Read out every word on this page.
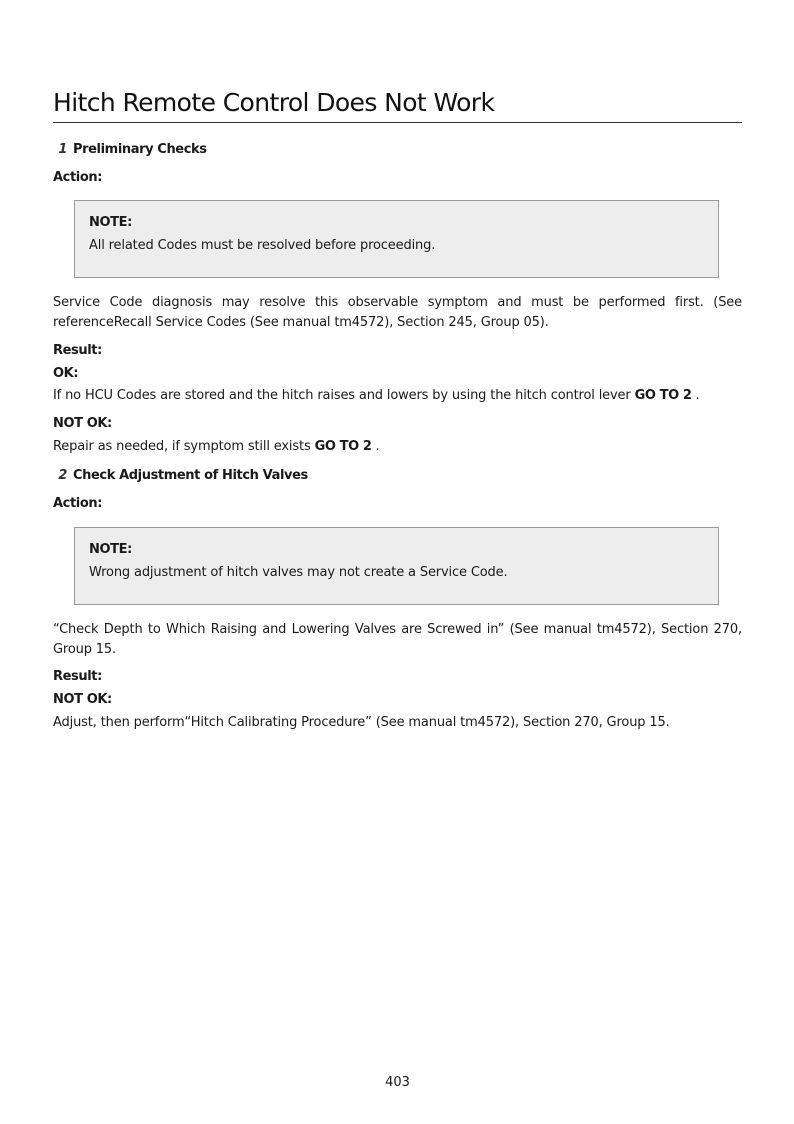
Hitch Remote Control Does Not Work
1 Preliminary Checks
Action:
NOTE:
All related Codes must be resolved before proceeding.
Service Code diagnosis may resolve this observable symptom and must be performed first. (See referenceRecall Service Codes (See manual tm4572), Section 245, Group 05).
Result:
OK:
If no HCU Codes are stored and the hitch raises and lowers by using the hitch control lever GO TO 2 .
NOT OK:
Repair as needed, if symptom still exists GO TO 2 .
2 Check Adjustment of Hitch Valves
Action:
NOTE:
Wrong adjustment of hitch valves may not create a Service Code.
“Check Depth to Which Raising and Lowering Valves are Screwed in” (See manual tm4572), Section 270, Group 15.
Result:
NOT OK:
Adjust, then perform“Hitch Calibrating Procedure” (See manual tm4572), Section 270, Group 15.
403
